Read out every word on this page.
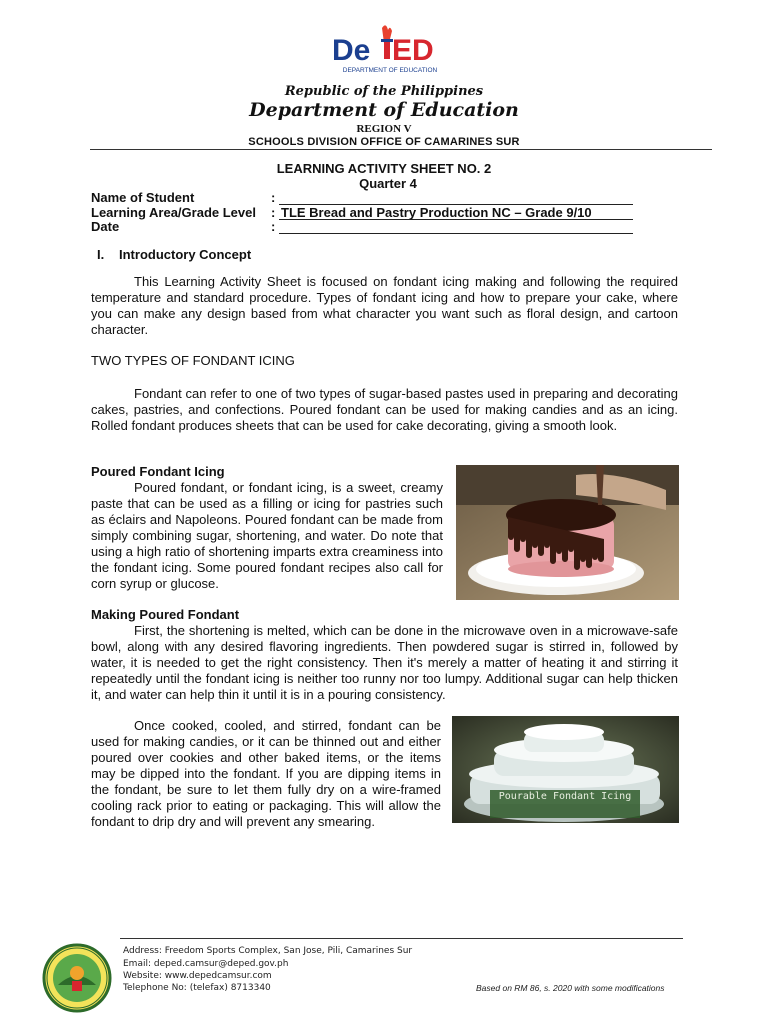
De ED
DEPARTMENT OF EDUCATION
Republic of the Philippines
Department of Education
REGION V
SCHOOLS DIVISION OFFICE OF CAMARINES SUR
LEARNING ACTIVITY SHEET NO. 2
Quarter 4
Name of Student	:
Learning Area/Grade Level : TLE Bread and Pastry Production NC – Grade 9/10
Date	:
I. Introductory Concept
This Learning Activity Sheet is focused on fondant icing making and following the required temperature and standard procedure. Types of fondant icing and how to prepare your cake, where you can make any design based from what character you want such as floral design, and cartoon character.
TWO TYPES OF FONDANT ICING
Fondant can refer to one of two types of sugar-based pastes used in preparing and decorating cakes, pastries, and confections. Poured fondant can be used for making candies and as an icing. Rolled fondant produces sheets that can be used for cake decorating, giving a smooth look.
Poured Fondant Icing
Poured fondant, or fondant icing, is a sweet, creamy paste that can be used as a filling or icing for pastries such as éclairs and Napoleons. Poured fondant can be made from simply combining sugar, shortening, and water. Do note that using a high ratio of shortening imparts extra creaminess into the fondant icing. Some poured fondant recipes also call for corn syrup or glucose.
Making Poured Fondant
First, the shortening is melted, which can be done in the microwave oven in a microwave-safe bowl, along with any desired flavoring ingredients. Then powdered sugar is stirred in, followed by water, it is needed to get the right consistency. Then it's merely a matter of heating it and stirring it repeatedly until the fondant icing is neither too runny nor too lumpy. Additional sugar can help thicken it, and water can help thin it until it is in a pouring consistency.
Once cooked, cooled, and stirred, fondant can be used for making candies, or it can be thinned out and either poured over cookies and other baked items, or the items may be dipped into the fondant. If you are dipping items in the fondant, be sure to let them fully dry on a wire-framed cooling rack prior to eating or packaging. This will allow the fondant to drip dry and will prevent any smearing.
Pourable Fondant Icing
Address: Freedom Sports Complex, San Jose, Pili, Camarines Sur
Email: deped.camsur@deped.gov.ph
Website: www.depedcamsur.com
Telephone No: (telefax) 8713340	Based on RM 86, s. 2020 with some modifications
